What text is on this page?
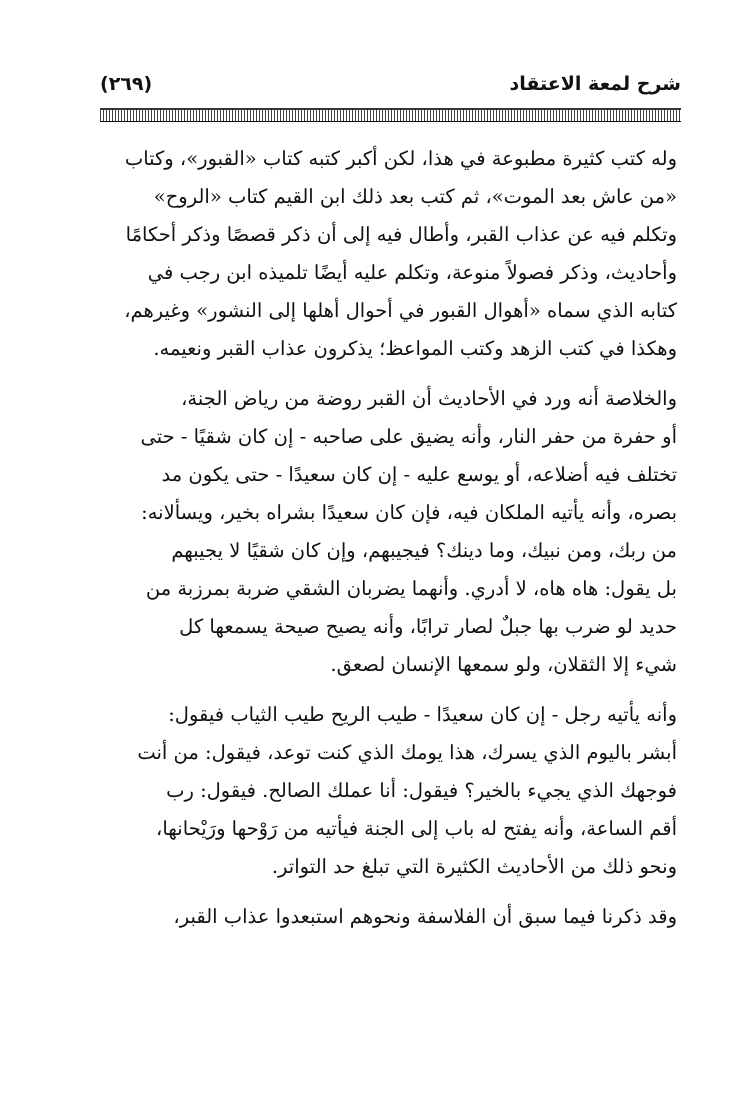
شرح لمعة الاعتقاد
(٢٦٩)

وله كتب كثيرة مطبوعة في هذا، لكن أكبر كتبه كتاب «القبور»، وكتاب
«من عاش بعد الموت»، ثم كتب بعد ذلك ابن القيم كتاب «الروح»
وتكلم فيه عن عذاب القبر، وأطال فيه إلى أن ذكر قصصًا وذكر أحكامًا
وأحاديث، وذكر فصولاً منوعة، وتكلم عليه أيضًا تلميذه ابن رجب في
كتابه الذي سماه «أهوال القبور في أحوال أهلها إلى النشور» وغيرهم،
وهكذا في كتب الزهد وكتب المواعظ؛ يذكرون عذاب القبر ونعيمه.

والخلاصة أنه ورد في الأحاديث أن القبر روضة من رياض الجنة،
أو حفرة من حفر النار، وأنه يضيق على صاحبه - إن كان شقيًا - حتى
تختلف فيه أضلاعه، أو يوسع عليه - إن كان سعيدًا - حتى يكون مد
بصره، وأنه يأتيه الملكان فيه، فإن كان سعيدًا بشراه بخير، ويسألانه:
من ربك، ومن نبيك، وما دينك؟ فيجيبهم، وإن كان شقيًا لا يجيبهم
بل يقول: هاه هاه، لا أدري. وأنهما يضربان الشقي ضربة بمرزبة من
حديد لو ضرب بها جبلٌ لصار ترابًا، وأنه يصيح صيحة يسمعها كل
شيء إلا الثقلان، ولو سمعها الإنسان لصعق.

وأنه يأتيه رجل - إن كان سعيدًا - طيب الريح طيب الثياب فيقول:
أبشر باليوم الذي يسرك، هذا يومك الذي كنت توعد، فيقول: من أنت
فوجهك الذي يجيء بالخير؟ فيقول: أنا عملك الصالح. فيقول: رب
أقم الساعة، وأنه يفتح له باب إلى الجنة فيأتيه من رَوْحها ورَيْحانها،
ونحو ذلك من الأحاديث الكثيرة التي تبلغ حد التواتر.

وقد ذكرنا فيما سبق أن الفلاسفة ونحوهم استبعدوا عذاب القبر،
